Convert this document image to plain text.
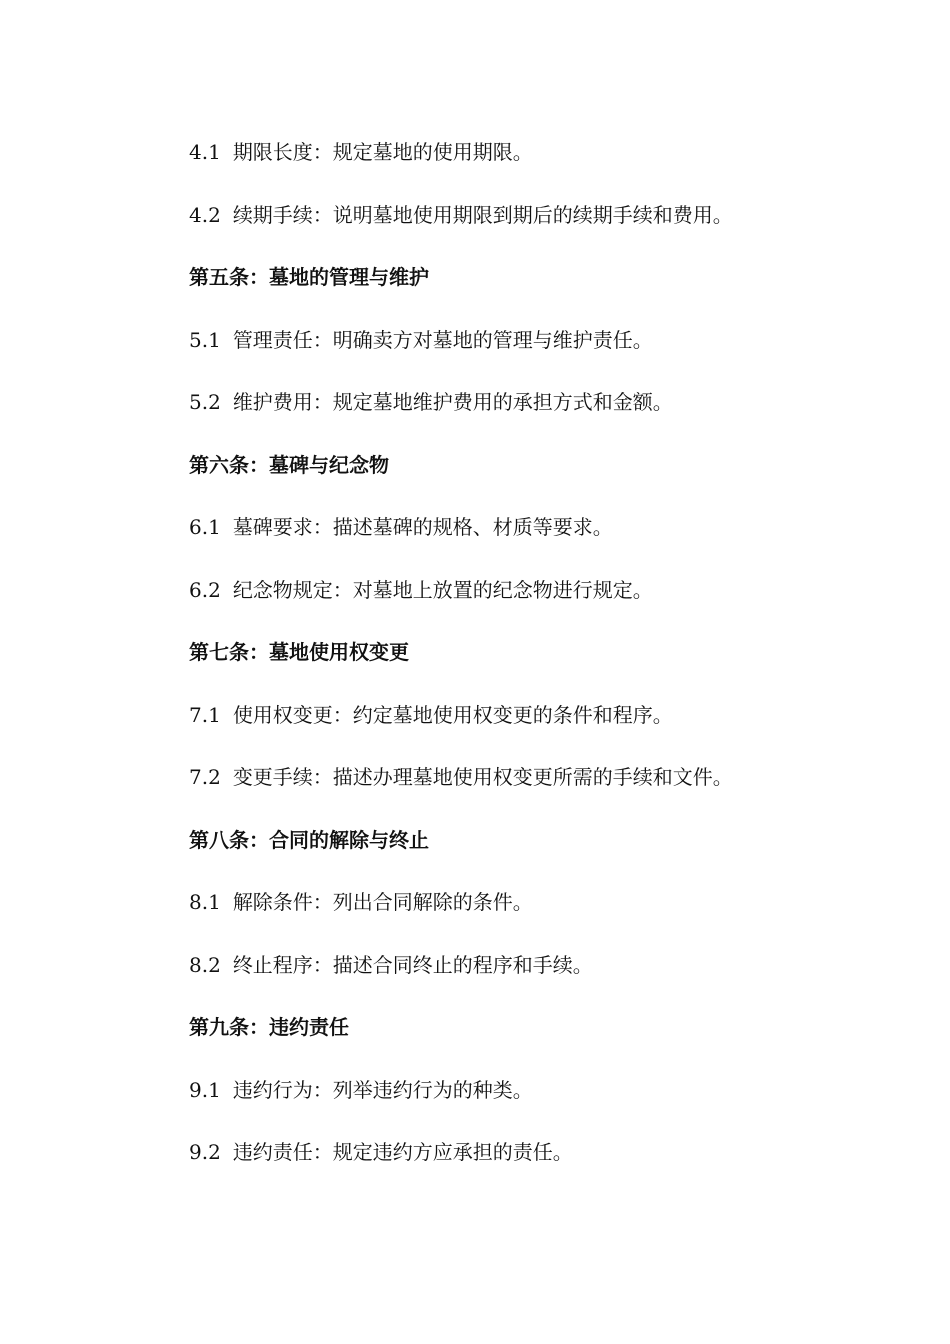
4.1 期限长度：规定墓地的使用期限。
4.2 续期手续：说明墓地使用期限到期后的续期手续和费用。
第五条：墓地的管理与维护
5.1 管理责任：明确卖方对墓地的管理与维护责任。
5.2 维护费用：规定墓地维护费用的承担方式和金额。
第六条：墓碑与纪念物
6.1 墓碑要求：描述墓碑的规格、材质等要求。
6.2 纪念物规定：对墓地上放置的纪念物进行规定。
第七条：墓地使用权变更
7.1 使用权变更：约定墓地使用权变更的条件和程序。
7.2 变更手续：描述办理墓地使用权变更所需的手续和文件。
第八条：合同的解除与终止
8.1 解除条件：列出合同解除的条件。
8.2 终止程序：描述合同终止的程序和手续。
第九条：违约责任
9.1 违约行为：列举违约行为的种类。
9.2 违约责任：规定违约方应承担的责任。
